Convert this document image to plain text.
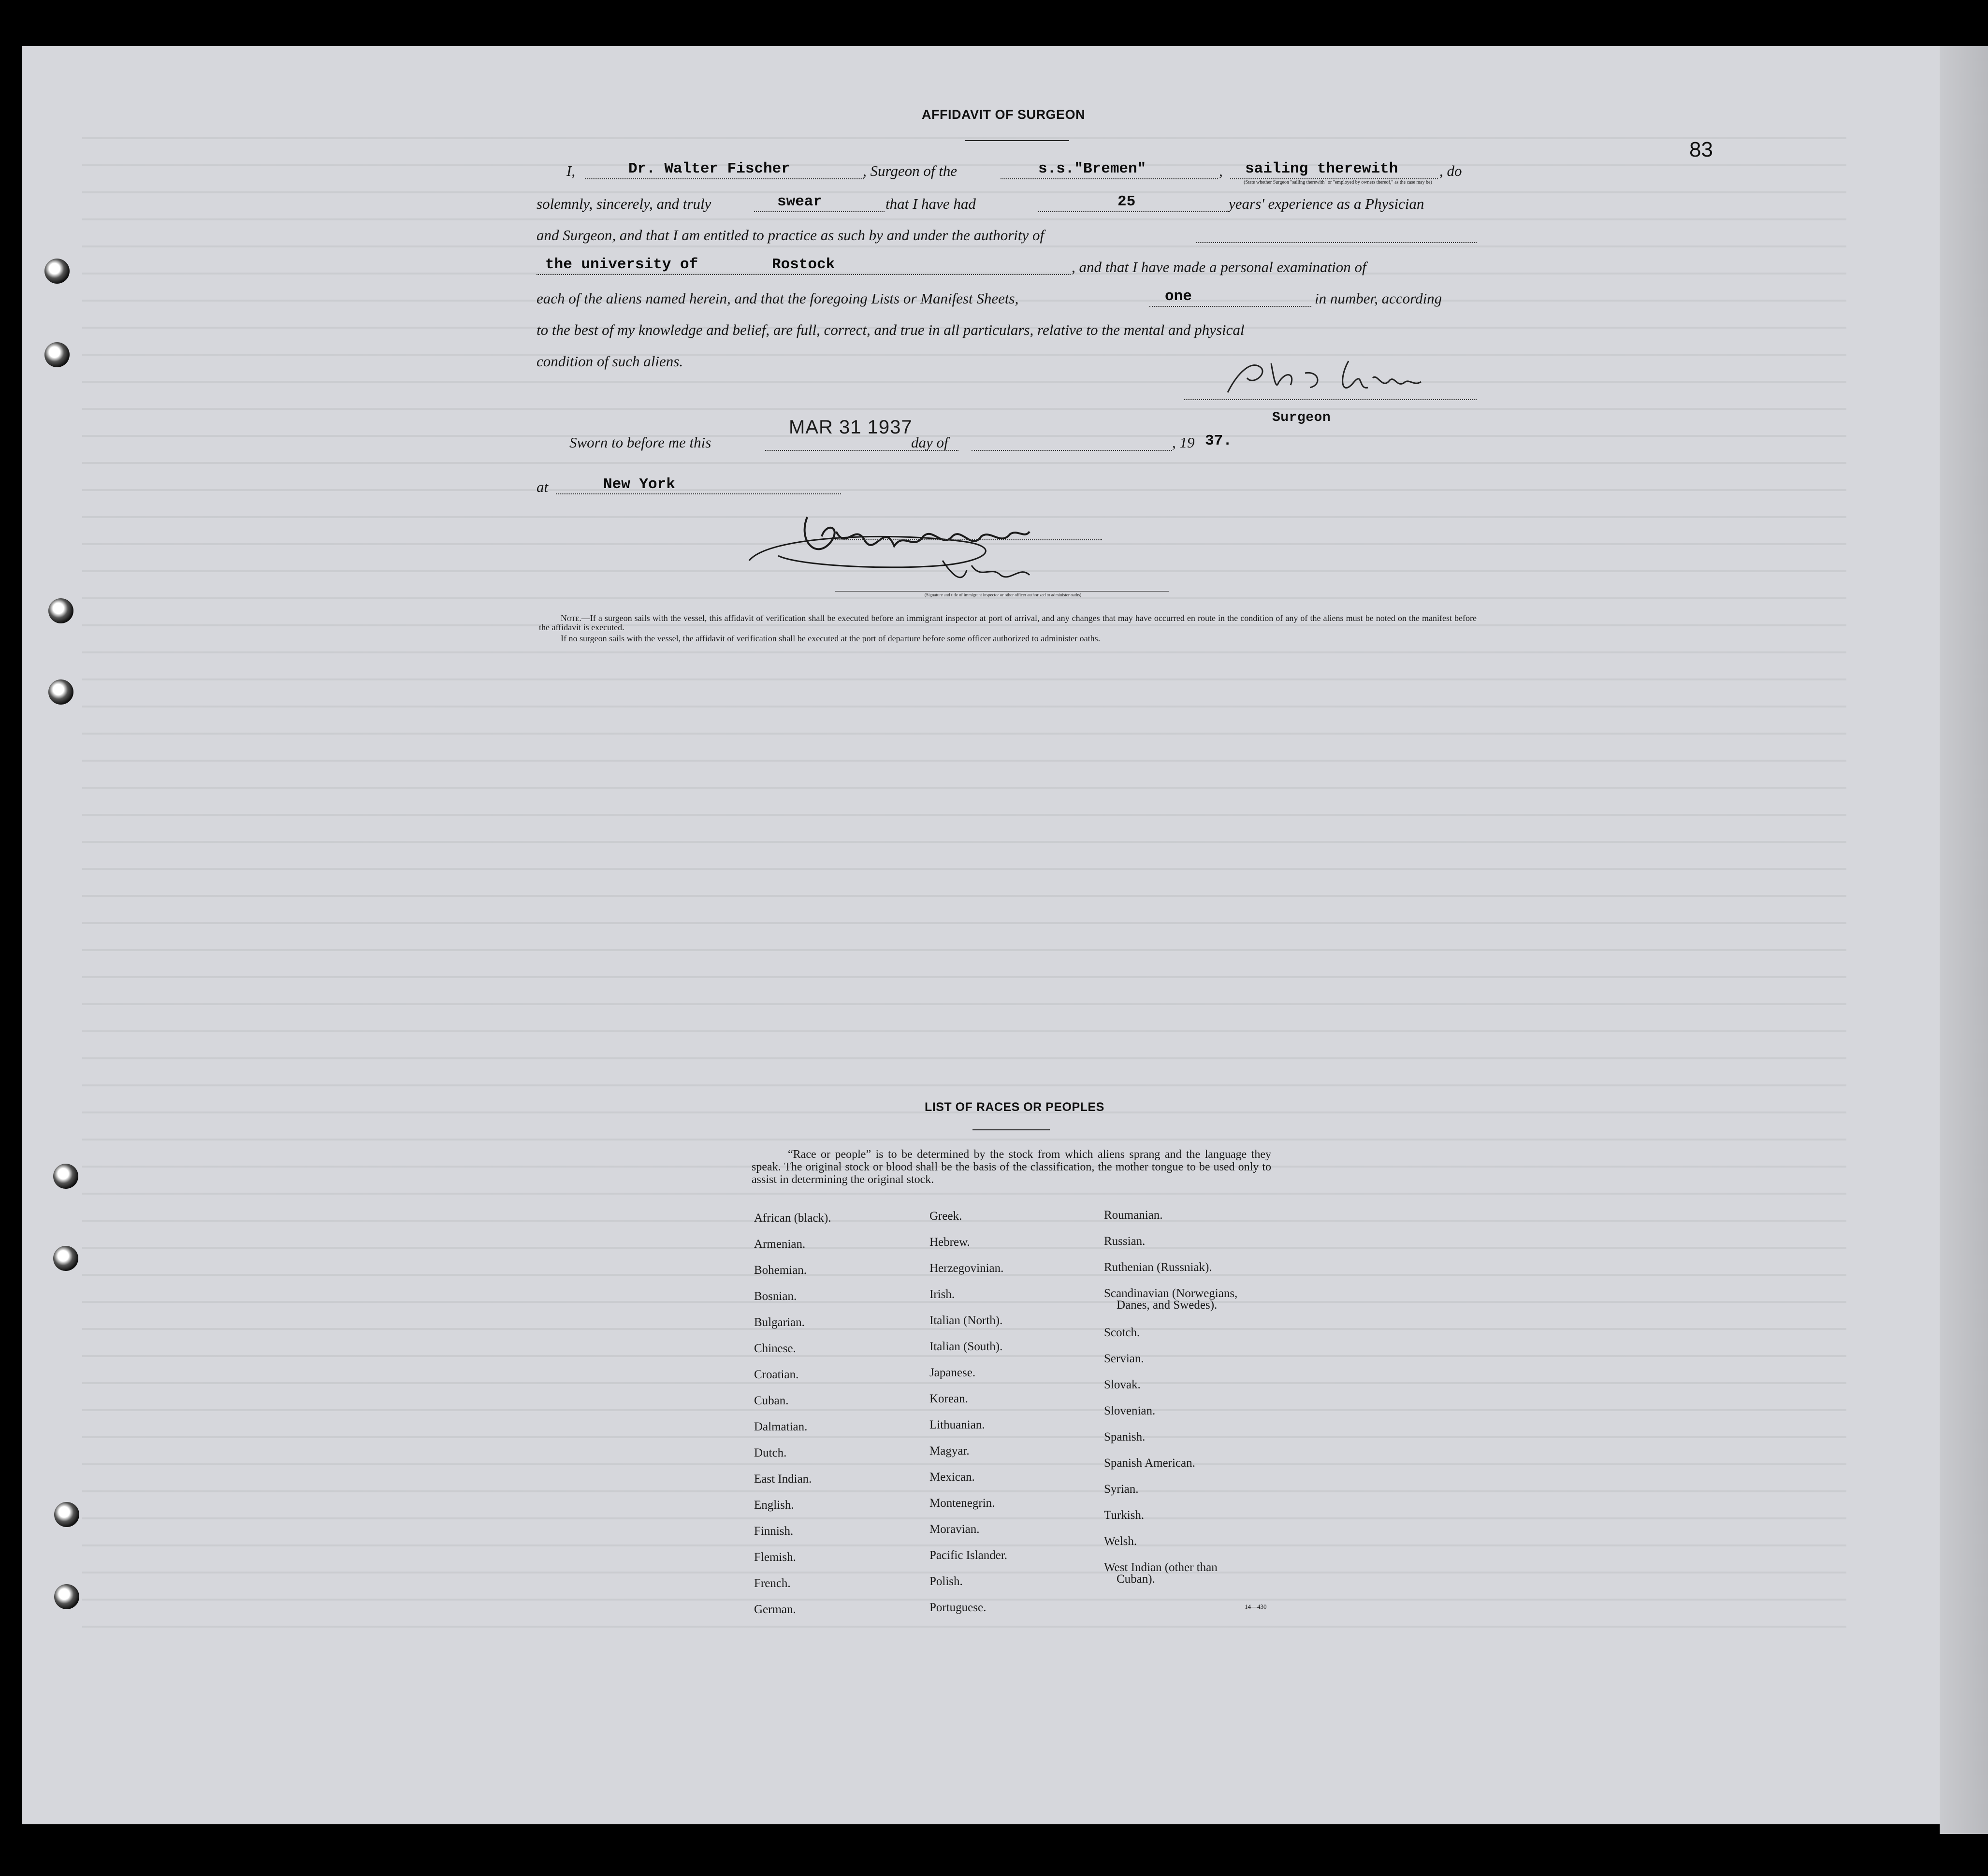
83
AFFIDAVIT OF SURGEON
I,	Dr. Walter Fischer	, Surgeon of the	s.s."Bremen"	, sailing therewith	, do
(State whether Surgeon "sailing therewith" or "employed by owners thereof," as the case may be)
solemnly, sincerely, and truly	swear	that I have had	25	years' experience as a Physician
and Surgeon, and that I am entitled to practice as such by and under the authority of
the university of	Rostock	, and that I have made a personal examination of
each of the aliens named herein, and that the foregoing Lists or Manifest Sheets,	one	in number, according
to the best of my knowledge and belief, are full, correct, and true in all particulars, relative to the mental and physical
condition of such aliens.
Surgeon
Sworn to before me this
MAR 31 1937
day of	, 19 37.
at	New York
(Signature and title of immigrant inspector or other officer authorized to administer oaths)
Note.—If a surgeon sails with the vessel, this affidavit of verification shall be executed before an immigrant inspector at port of arrival, and any changes that may have occurred en route in the condition of any of the aliens must be noted on the manifest before the affidavit is executed.
If no surgeon sails with the vessel, the affidavit of verification shall be executed at the port of departure before some officer authorized to administer oaths.
LIST OF RACES OR PEOPLES
“Race or people” is to be determined by the stock from which aliens sprang and the language they speak. The original stock or blood shall be the basis of the classification, the mother tongue to be used only to assist in determining the original stock.
African (black).
Armenian.
Bohemian.
Bosnian.
Bulgarian.
Chinese.
Croatian.
Cuban.
Dalmatian.
Dutch.
East Indian.
English.
Finnish.
Flemish.
French.
German.
Greek.
Hebrew.
Herzegovinian.
Irish.
Italian (North).
Italian (South).
Japanese.
Korean.
Lithuanian.
Magyar.
Mexican.
Montenegrin.
Moravian.
Pacific Islander.
Polish.
Portuguese.
Roumanian.
Russian.
Ruthenian (Russniak).
Scandinavian (Norwegians,
Danes, and Swedes).
Scotch.
Servian.
Slovak.
Slovenian.
Spanish.
Spanish American.
Syrian.
Turkish.
Welsh.
West Indian (other than
Cuban).
14—430
